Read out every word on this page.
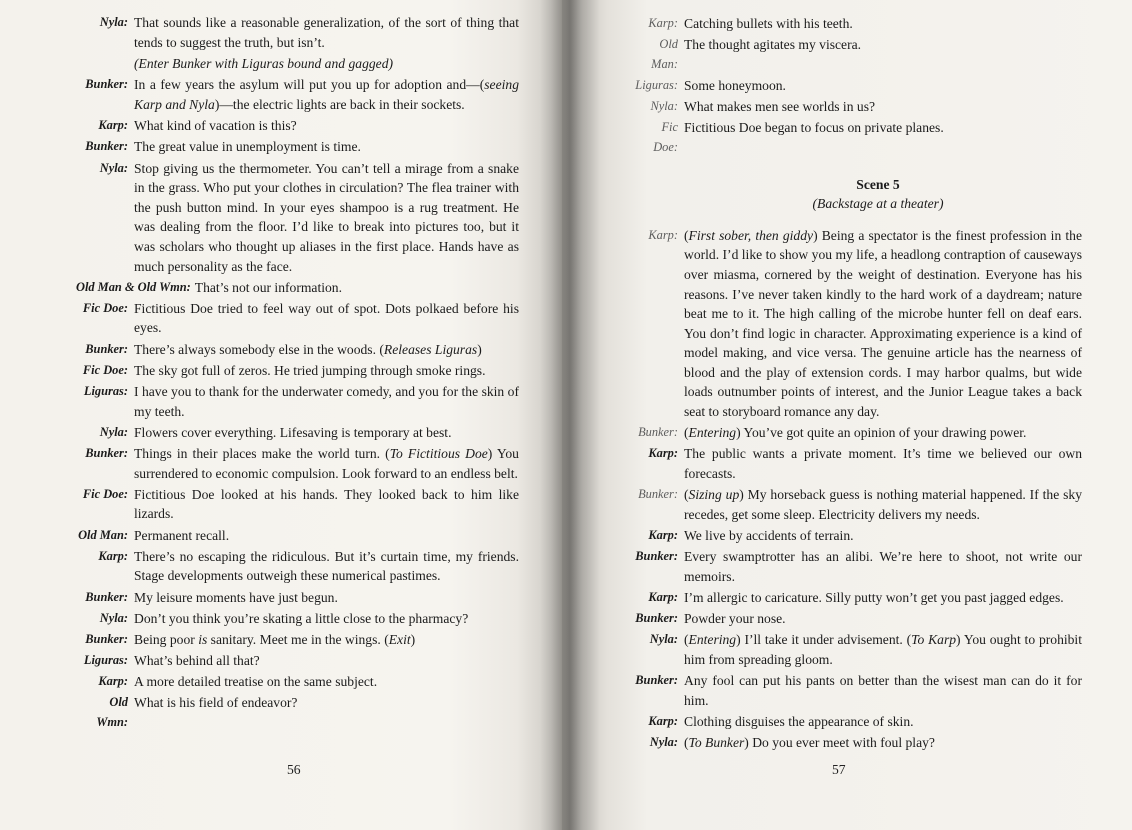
Nyla: That sounds like a reasonable generalization, of the sort of thing that tends to suggest the truth, but isn’t.
(Enter Bunker with Liguras bound and gagged)
Bunker: In a few years the asylum will put you up for adoption and—(seeing Karp and Nyla)—the electric lights are back in their sockets.
Karp: What kind of vacation is this?
Bunker: The great value in unemployment is time.
Nyla: Stop giving us the thermometer. You can’t tell a mirage from a snake in the grass. Who put your clothes in circulation? The flea trainer with the push button mind. In your eyes shampoo is a rug treatment. He was dealing from the floor. I’d like to break into pictures too, but it was scholars who thought up aliases in the first place. Hands have as much personality as the face.
Old Man & Old Wmn: That’s not our information.
Fic Doe: Fictitious Doe tried to feel way out of spot. Dots polkaed before his eyes.
Bunker: There’s always somebody else in the woods. (Releases Liguras)
Fic Doe: The sky got full of zeros. He tried jumping through smoke rings.
Liguras: I have you to thank for the underwater comedy, and you for the skin of my teeth.
Nyla: Flowers cover everything. Lifesaving is temporary at best.
Bunker: Things in their places make the world turn. (To Fictitious Doe) You surrendered to economic compulsion. Look forward to an endless belt.
Fic Doe: Fictitious Doe looked at his hands. They looked back to him like lizards.
Old Man: Permanent recall.
Karp: There’s no escaping the ridiculous. But it’s curtain time, my friends. Stage developments outweigh these numerical pastimes.
Bunker: My leisure moments have just begun.
Nyla: Don’t you think you’re skating a little close to the pharmacy?
Bunker: Being poor is sanitary. Meet me in the wings. (Exit)
Liguras: What’s behind all that?
Karp: A more detailed treatise on the same subject.
Old Wmn:
What is his field of endeavor?
56
Karp: Catching bullets with his teeth.
Old Man:
The thought agitates my viscera.
Liguras: Some honeymoon.
Nyla: What makes men see worlds in us?
Fic Doe:
Fictitious Doe began to focus on private planes.
Scene 5
(Backstage at a theater)
Karp: (First sober, then giddy) Being a spectator is the finest profession in the world. I’d like to show you my life, a headlong contraption of causeways over miasma, cornered by the weight of destination. Everyone has his reasons. I’ve never taken kindly to the hard work of a daydream; nature beat me to it. The high calling of the microbe hunter fell on deaf ears. You don’t find logic in character. Approximating experience is a kind of model making, and vice versa. The genuine article has the nearness of blood and the play of extension cords. I may harbor qualms, but wide loads outnumber points of interest, and the Junior League takes a back seat to storyboard romance any day.
Bunker: (Entering) You’ve got quite an opinion of your drawing power.
Karp: The public wants a private moment. It’s time we believed our own forecasts.
Bunker: (Sizing up) My horseback guess is nothing material happened. If the sky recedes, get some sleep. Electricity delivers my needs.
Karp: We live by accidents of terrain.
Bunker: Every swamptrotter has an alibi. We’re here to shoot, not write our memoirs.
Karp: I’m allergic to caricature. Silly putty won’t get you past jagged edges.
Bunker: Powder your nose.
Nyla: (Entering) I’ll take it under advisement. (To Karp) You ought to prohibit him from spreading gloom.
Bunker: Any fool can put his pants on better than the wisest man can do it for him.
Karp: Clothing disguises the appearance of skin.
Nyla: (To Bunker) Do you ever meet with foul play?
57
